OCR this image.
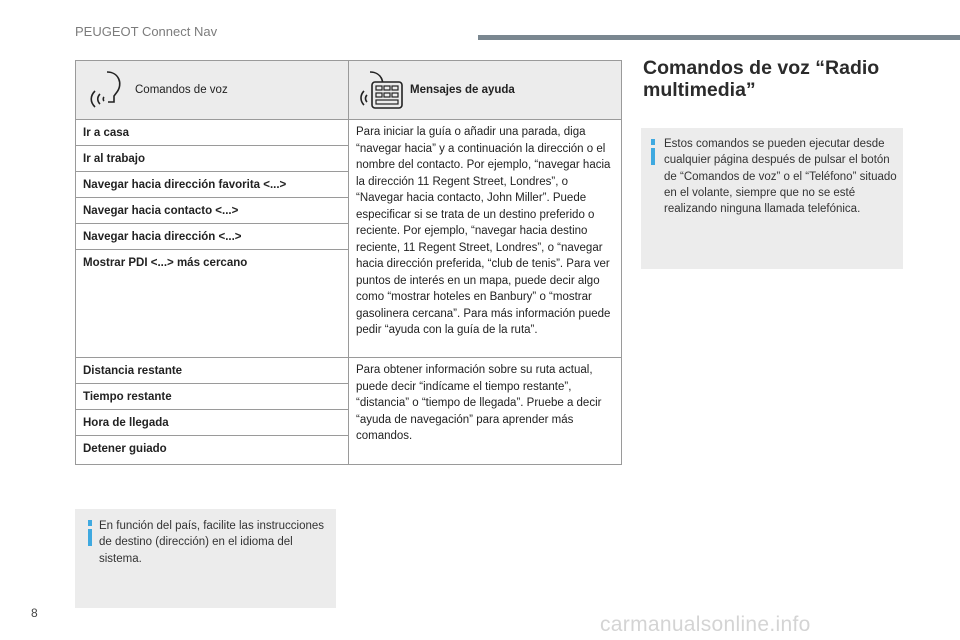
PEUGEOT Connect Nav
Comandos de voz	Mensajes de ayuda

Ir a casa	Para iniciar la guía o añadir una parada, diga “navegar hacia” y a continuación la dirección o el nombre del contacto. Por ejemplo, “navegar hacia la dirección 11 Regent Street, Londres”, o “Navegar hacia contacto, John Miller”. Puede especificar si se trata de un destino preferido o reciente. Por ejemplo, “navegar hacia destino reciente, 11 Regent Street, Londres”, o “navegar hacia dirección preferida, “club de tenis”. Para ver puntos de interés en un mapa, puede decir algo como “mostrar hoteles en Banbury” o “mostrar gasolinera cercana”. Para más información puede pedir “ayuda con la guía de la ruta”.
Ir al trabajo	
Navegar hacia dirección favorita <...>	
Navegar hacia contacto <...>	
Navegar hacia dirección <...>	
Mostrar PDI <...> más cercano	
Distancia restante	Para obtener información sobre su ruta actual, puede decir “indícame el tiempo restante”, “distancia” o “tiempo de llegada”. Pruebe a decir “ayuda de navegación” para aprender más comandos.
Tiempo restante	
Hora de llegada	
Detener guiado	
En función del país, facilite las instrucciones de destino (dirección) en el idioma del sistema.
Comandos de voz “Radio multimedia”
Estos comandos se pueden ejecutar desde cualquier página después de pulsar el botón de “Comandos de voz” o el “Teléfono” situado en el volante, siempre que no se esté realizando ninguna llamada telefónica.
8	carmanualsonline.info
